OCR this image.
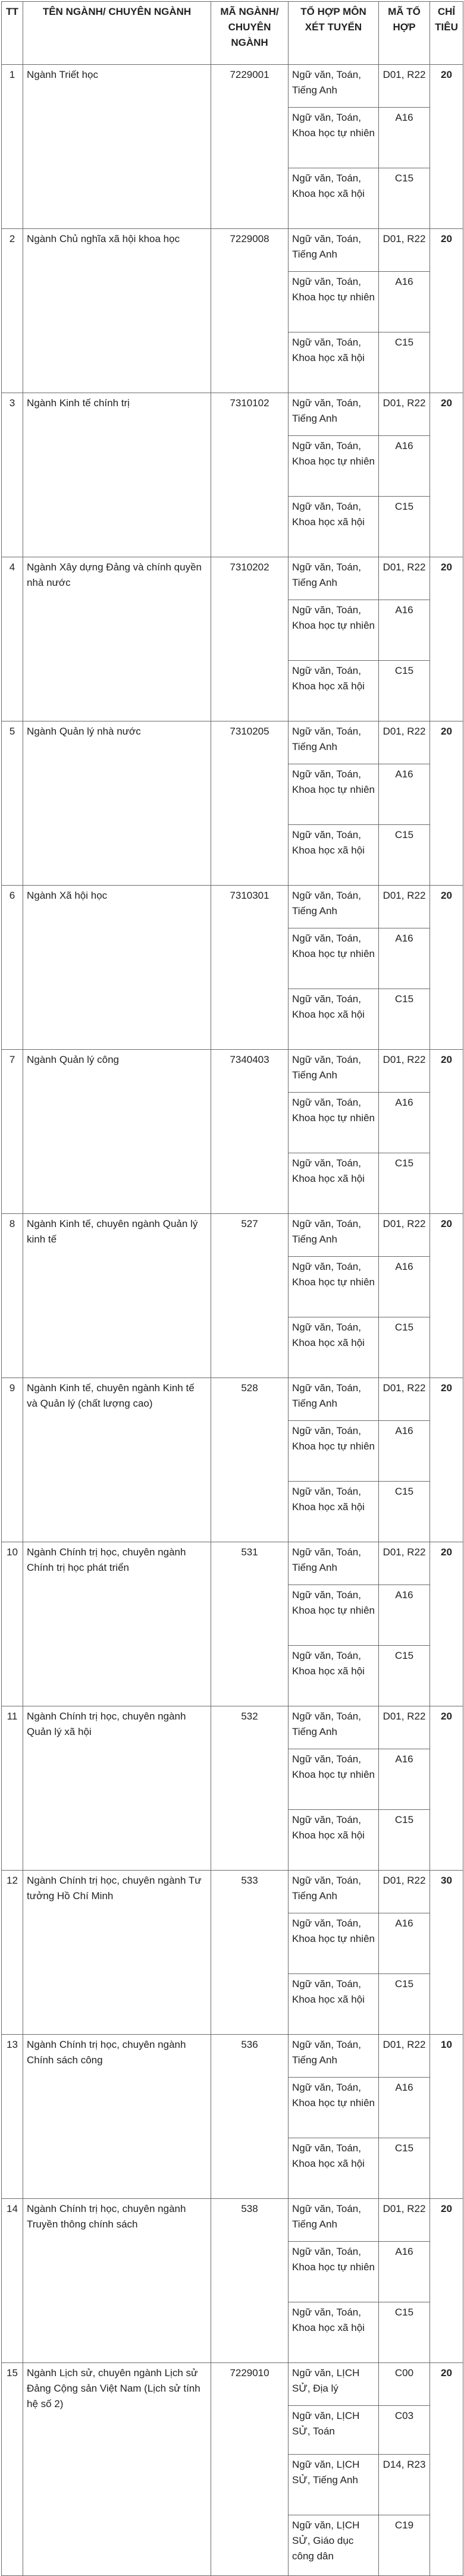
TT	TÊN NGÀNH/ CHUYÊN NGÀNH	MÃ NGÀNH/ CHUYÊN NGÀNH	TỔ HỢP MÔN XÉT TUYỂN	MÃ TỔ HỢP	CHỈ TIÊU
1	Ngành Triết học	7229001	Ngữ văn, Toán, Tiếng Anh	D01, R22	20
			Ngữ văn, Toán, Khoa học tự nhiên	A16	
			Ngữ văn, Toán, Khoa học xã hội	C15	
2	Ngành Chủ nghĩa xã hội khoa học	7229008	Ngữ văn, Toán, Tiếng Anh	D01, R22	20
			Ngữ văn, Toán, Khoa học tự nhiên	A16	
			Ngữ văn, Toán, Khoa học xã hội	C15	
3	Ngành Kinh tế chính trị	7310102	Ngữ văn, Toán, Tiếng Anh	D01, R22	20
			Ngữ văn, Toán, Khoa học tự nhiên	A16	
			Ngữ văn, Toán, Khoa học xã hội	C15	
4	Ngành Xây dựng Đảng và chính quyền nhà nước	7310202	Ngữ văn, Toán, Tiếng Anh	D01, R22	20
			Ngữ văn, Toán, Khoa học tự nhiên	A16	
			Ngữ văn, Toán, Khoa học xã hội	C15	
5	Ngành Quản lý nhà nước	7310205	Ngữ văn, Toán, Tiếng Anh	D01, R22	20
			Ngữ văn, Toán, Khoa học tự nhiên	A16	
			Ngữ văn, Toán, Khoa học xã hội	C15	
6	Ngành Xã hội học	7310301	Ngữ văn, Toán, Tiếng Anh	D01, R22	20
			Ngữ văn, Toán, Khoa học tự nhiên	A16	
			Ngữ văn, Toán, Khoa học xã hội	C15	
7	Ngành Quản lý công	7340403	Ngữ văn, Toán, Tiếng Anh	D01, R22	20
			Ngữ văn, Toán, Khoa học tự nhiên	A16	
			Ngữ văn, Toán, Khoa học xã hội	C15	
8	Ngành Kinh tế, chuyên ngành Quản lý kinh tế	527	Ngữ văn, Toán, Tiếng Anh	D01, R22	20
			Ngữ văn, Toán, Khoa học tự nhiên	A16	
			Ngữ văn, Toán, Khoa học xã hội	C15	
9	Ngành Kinh tế, chuyên ngành Kinh tế và Quản lý (chất lượng cao)	528	Ngữ văn, Toán, Tiếng Anh	D01, R22	20
			Ngữ văn, Toán, Khoa học tự nhiên	A16	
			Ngữ văn, Toán, Khoa học xã hội	C15	
10	Ngành Chính trị học, chuyên ngành Chính trị học phát triển	531	Ngữ văn, Toán, Tiếng Anh	D01, R22	20
			Ngữ văn, Toán, Khoa học tự nhiên	A16	
			Ngữ văn, Toán, Khoa học xã hội	C15	
11	Ngành Chính trị học, chuyên ngành Quản lý xã hội	532	Ngữ văn, Toán, Tiếng Anh	D01, R22	20
			Ngữ văn, Toán, Khoa học tự nhiên	A16	
			Ngữ văn, Toán, Khoa học xã hội	C15	
12	Ngành Chính trị học, chuyên ngành Tư tưởng Hồ Chí Minh	533	Ngữ văn, Toán, Tiếng Anh	D01, R22	30
			Ngữ văn, Toán, Khoa học tự nhiên	A16	
			Ngữ văn, Toán, Khoa học xã hội	C15	
13	Ngành Chính trị học, chuyên ngành Chính sách công	536	Ngữ văn, Toán, Tiếng Anh	D01, R22	10
			Ngữ văn, Toán, Khoa học tự nhiên	A16	
			Ngữ văn, Toán, Khoa học xã hội	C15	
14	Ngành Chính trị học, chuyên ngành Truyền thông chính sách	538	Ngữ văn, Toán, Tiếng Anh	D01, R22	20
			Ngữ văn, Toán, Khoa học tự nhiên	A16	
			Ngữ văn, Toán, Khoa học xã hội	C15	
15	Ngành Lịch sử, chuyên ngành Lịch sử Đảng Cộng sản Việt Nam (Lịch sử tính hệ số 2)	7229010	Ngữ văn, LỊCH SỬ, Địa lý	C00	20
			Ngữ văn, LỊCH SỬ, Toán	C03	
			Ngữ văn, LỊCH SỬ, Tiếng Anh	D14, R23	
			Ngữ văn, LỊCH SỬ, Giáo dục công dân	C19	
